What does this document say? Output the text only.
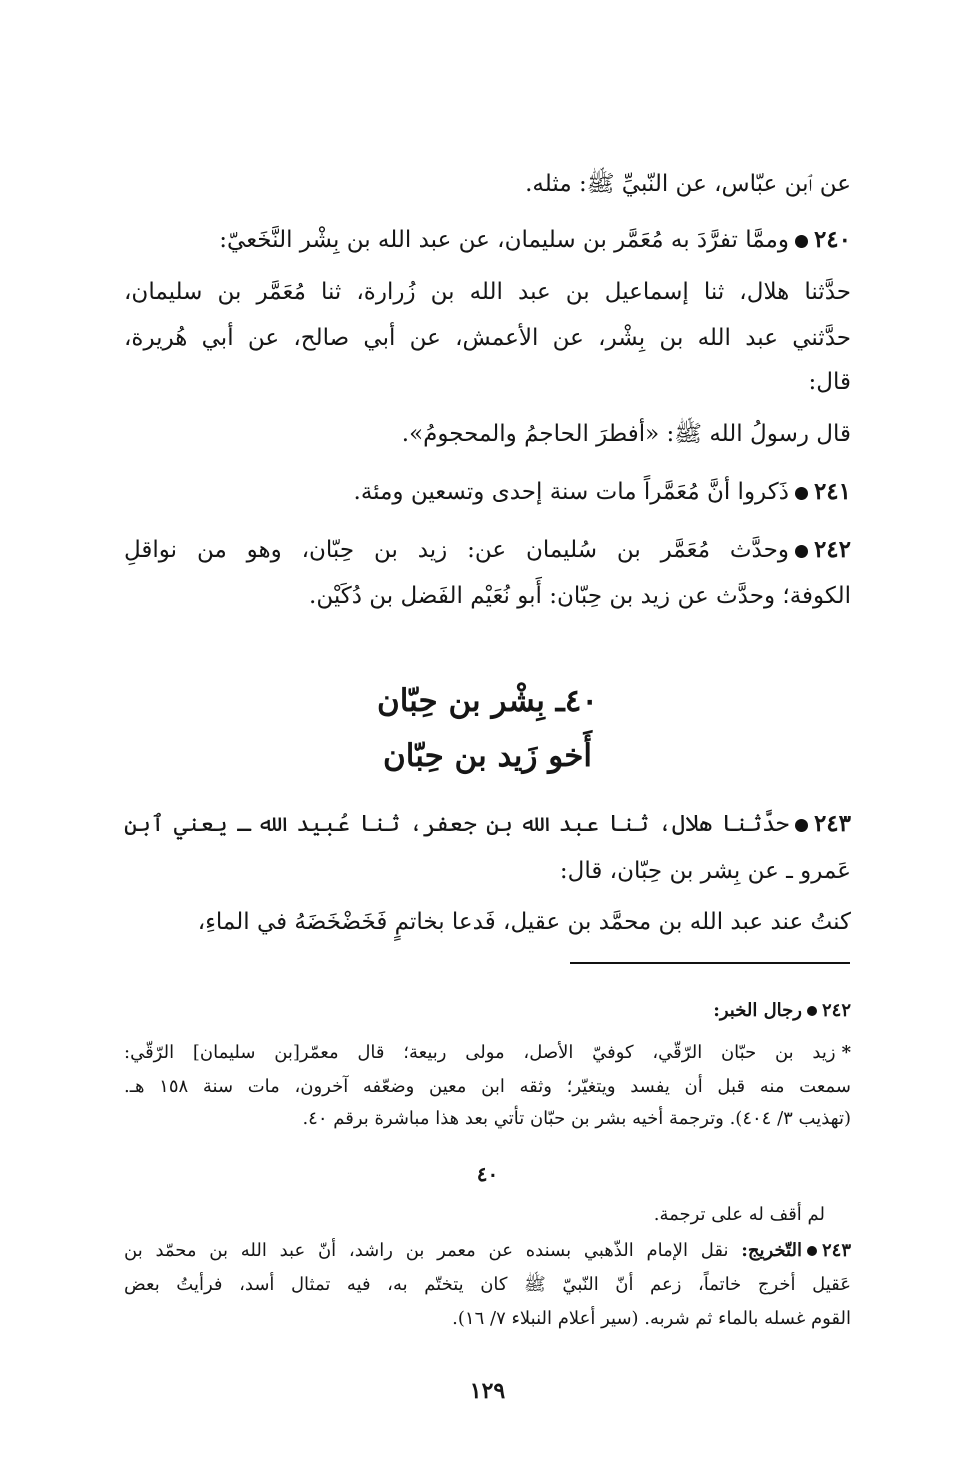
عن ٱبن عبّاس، عن النّبيِّ ﷺ: مثله.
٢٤٠وممَّا تفرَّدَ به مُعَمَّر بن سليمان، عن عبد الله بن بِشْر النَّخَعيّ:
حدَّثنا هلال، ثنا إسماعيل بن عبد الله بن زُرارة، ثنا مُعَمَّر بن سليمان،
حدَّثني عبد الله بن بِشْر، عن الأعمش، عن أبي صالح، عن أبي هُريرة،
قال:
قال رسولُ الله ﷺ: «أفطرَ الحاجمُ والمحجومُ».
٢٤١ذَكروا أنَّ مُعَمَّراً مات سنة إحدى وتسعين ومئة.
٢٤٢وحدَّث مُعَمَّر بن سُليمان عن: زيد بن حِبّان، وهو من نواقلِ
الكوفة؛ وحدَّث عن زيد بن حِبّان: أَبو نُعَيْم الفَضل بن دُكَيْن.
٤٠ـ بِشْر بن حِبّان
أَخو زَيد بن حِبّان
٢٤٣حدَّثنا هلال، ثنا عبد الله بن جعفر، ثنا عُبيد الله ـ يعني ٱبن
عَمرو ـ عن بِشر بن حِبّان، قال:
كنتُ عند عبد الله بن محمَّد بن عقيل، فَدعا بخاتمٍ فَخَضْخَضَهُ في الماءِ،
٢٤٢رجال الخبر:
*زيد بن حبّان الرّقّي، كوفيّ الأصل، مولى ربيعة؛ قال معمّر[بن سليمان] الرّقّي:
سمعت منه قبل أن يفسد ويتغيّر؛ وثقه ابن معين وضعّفه آخرون، مات سنة ١٥٨ هـ.
(تهذيب ٣/ ٤٠٤). وترجمة أخيه بشر بن حبّان تأتي بعد هذا مباشرة برقم ٤٠.
٤٠
لم أقف له على ترجمة.
٢٤٣التّخريج: نقل الإمام الذّهبي بسنده عن معمر بن راشد، أنّ عبد الله بن محمّد بن
عَقيل أخرج خاتماً، زعم أنّ النّبيّ ﷺ كان يتختّم به، فيه تمثال أسد، فرأيتُ بعض
القوم غسله بالماء ثم شربه. (سير أعلام النبلاء ٧/ ١٦).
١٢٩
